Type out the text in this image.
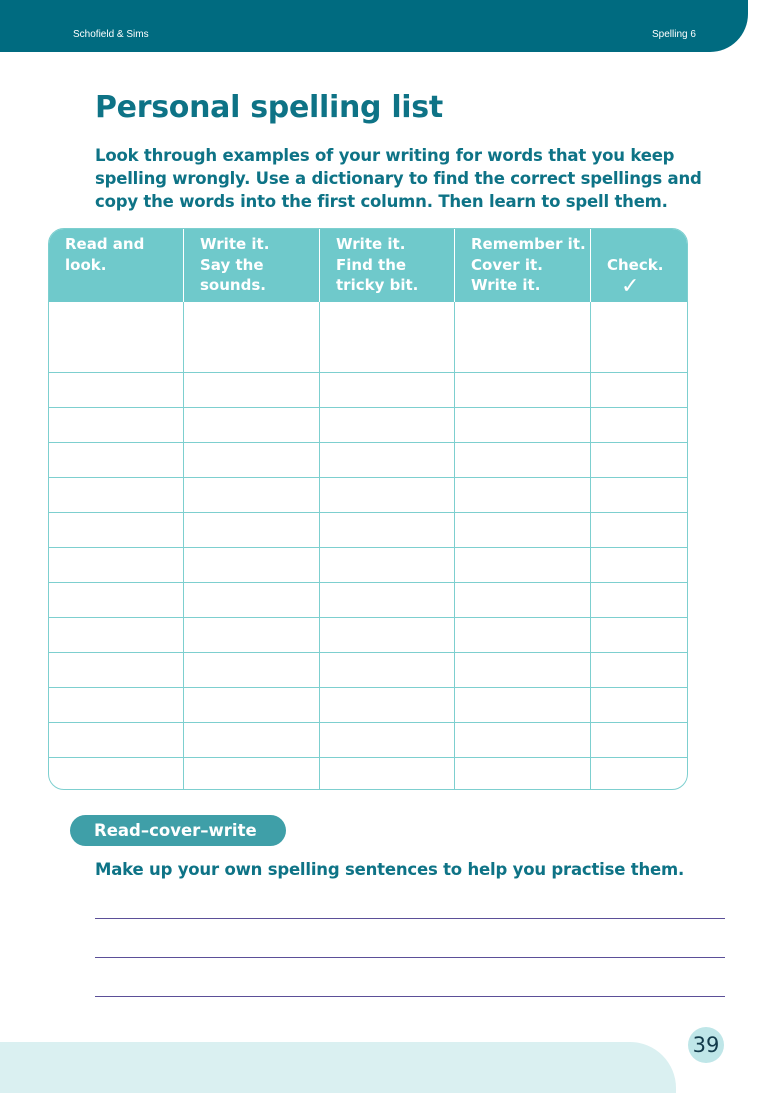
Schofield & Sims	Spelling 6
Personal spelling list

Look through examples of your writing for words that you keep spelling wrongly. Use a dictionary to find the correct spellings and copy the words into the first column. Then learn to spell them.

Read and
look.
Write it.
Say the
sounds.
Write it.
Find the
tricky bit.
Remember it.
Cover it.
Write it.

Check.

✓

Read–cover–write

Make up your own spelling sentences to help you practise them.

39
